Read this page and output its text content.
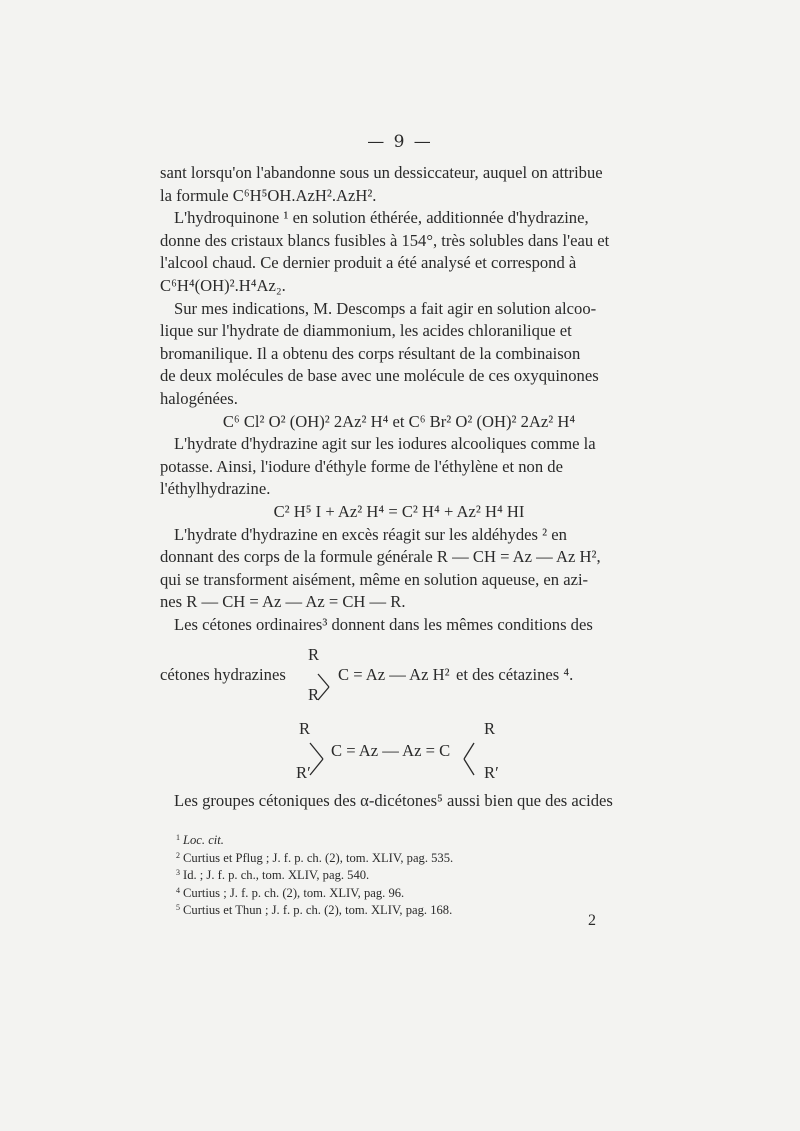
— 9 —

sant lorsqu'on l'abandonne sous un dessiccateur, auquel on attribue

la formule C⁶H⁵OH.AzH².AzH².

L'hydroquinone ¹ en solution éthérée, additionnée d'hydrazine,

donne des cristaux blancs fusibles à 154°, très solubles dans l'eau et

l'alcool chaud. Ce dernier produit a été analysé et correspond à

C⁶H⁴(OH)².H⁴Az₂.

Sur mes indications, M. Descomps a fait agir en solution alcoo-

lique sur l'hydrate de diammonium, les acides chloranilique et

bromanilique. Il a obtenu des corps résultant de la combinaison

de deux molécules de base avec une molécule de ces oxyquinones

halogénées.

C⁶ Cl² O² (OH)² 2Az² H⁴ et C⁶ Br² O² (OH)² 2Az² H⁴

L'hydrate d'hydrazine agit sur les iodures alcooliques comme la

potasse. Ainsi, l'iodure d'éthyle forme de l'éthylène et non de

l'éthylhydrazine.

C² H⁵ I + Az² H⁴ = C² H⁴ + Az² H⁴ HI

L'hydrate d'hydrazine en excès réagit sur les aldéhydes ² en

donnant des corps de la formule générale R — CH = Az — Az H²,

qui se transforment aisément, même en solution aqueuse, en azi-

nes R — CH = Az — Az = CH — R.

Les cétones ordinaires³ donnent dans les mêmes conditions des

cétones hydrazines
R
R
C = Az — Az H² et des cétazines ⁴.
R
R′
C = Az — Az = C
R
R′

Les groupes cétoniques des α-dicétones⁵ aussi bien que des acides

$^1$ Loc. cit.

$^2$ Curtius et Pflug ; J. f. p. ch. (2), tom. XLIV, pag. 535.

$^3$ Id. ; J. f. p. ch., tom. XLIV, pag. 540.

$^4$ Curtius ; J. f. p. ch. (2), tom. XLIV, pag. 96.

$^5$ Curtius et Thun ; J. f. p. ch. (2), tom. XLIV, pag. 168.

2
